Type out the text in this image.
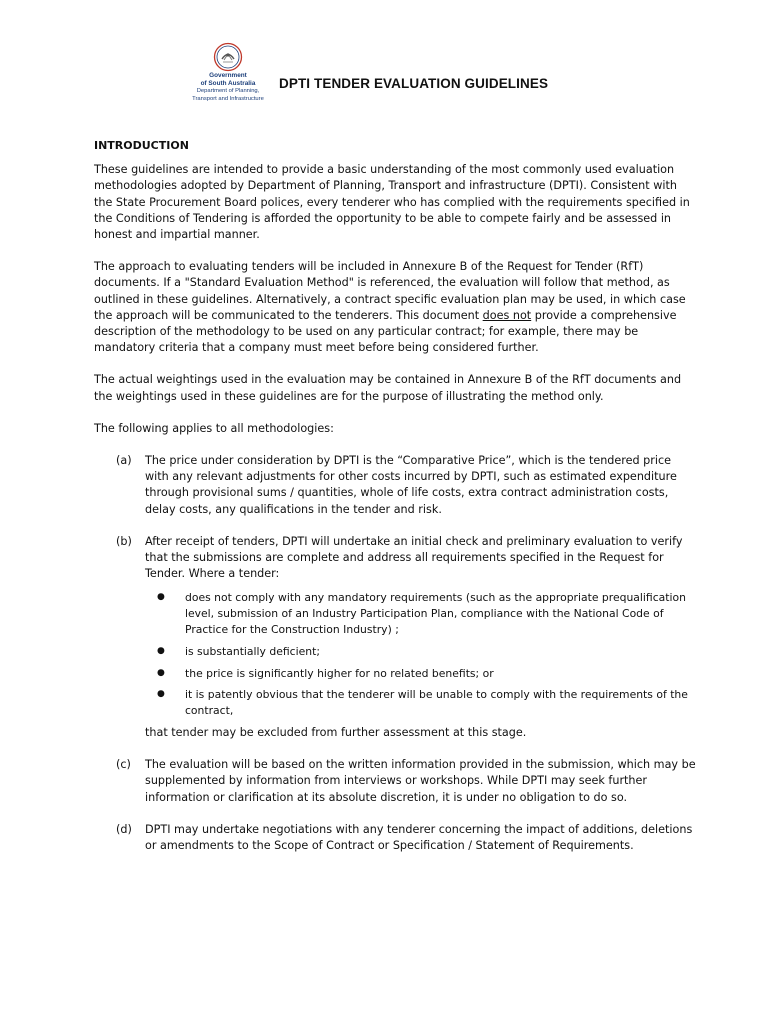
Government
of South Australia
Department of Planning,
Transport and Infrastructure
DPTI TENDER EVALUATION GUIDELINES
INTRODUCTION

These guidelines are intended to provide a basic understanding of the most commonly used evaluation methodologies adopted by Department of Planning, Transport and infrastructure (DPTI). Consistent with the State Procurement Board polices, every tenderer who has complied with the requirements specified in the Conditions of Tendering is afforded the opportunity to be able to compete fairly and be assessed in honest and impartial manner.

The approach to evaluating tenders will be included in Annexure B of the Request for Tender (RfT) documents. If a "Standard Evaluation Method" is referenced, the evaluation will follow that method, as outlined in these guidelines. Alternatively, a contract specific evaluation plan may be used, in which case the approach will be communicated to the tenderers. This document does not provide a comprehensive description of the methodology to be used on any particular contract; for example, there may be mandatory criteria that a company must meet before being considered further.

The actual weightings used in the evaluation may be contained in Annexure B of the RfT documents and the weightings used in these guidelines are for the purpose of illustrating the method only.

The following applies to all methodologies:

(a)	The price under consideration by DPTI is the “Comparative Price”, which is the tendered price with any relevant adjustments for other costs incurred by DPTI, such as estimated expenditure through provisional sums / quantities, whole of life costs, extra contract administration costs, delay costs, any qualifications in the tender and risk.
(b)	After receipt of tenders, DPTI will undertake an initial check and preliminary evaluation to verify that the submissions are complete and address all requirements specified in the Request for Tender. Where a tender:
●	does not comply with any mandatory requirements (such as the appropriate prequalification level, submission of an Industry Participation Plan, compliance with the National Code of Practice for the Construction Industry) ;
●	is substantially deficient;
●	the price is significantly higher for no related benefits; or
●	it is patently obvious that the tenderer will be unable to comply with the requirements of the contract,
that tender may be excluded from further assessment at this stage.
(c)	The evaluation will be based on the written information provided in the submission, which may be supplemented by information from interviews or workshops. While DPTI may seek further information or clarification at its absolute discretion, it is under no obligation to do so.
(d)	DPTI may undertake negotiations with any tenderer concerning the impact of additions, deletions or amendments to the Scope of Contract or Specification / Statement of Requirements.
